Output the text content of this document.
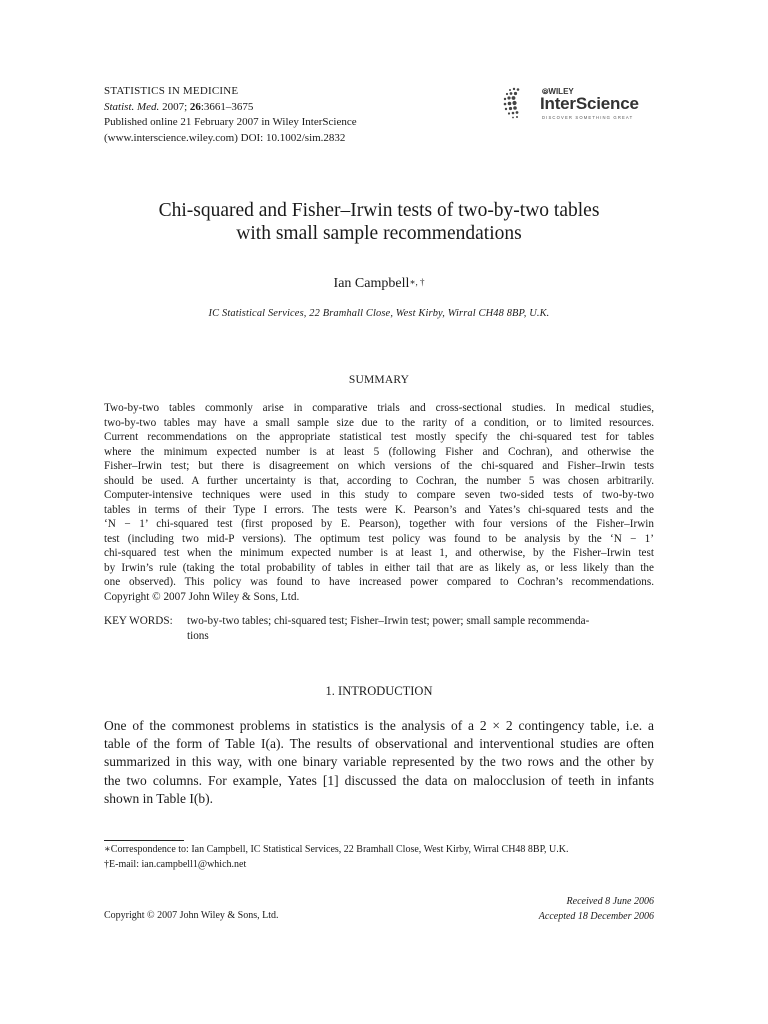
STATISTICS IN MEDICINE
Statist. Med. 2007; 26:3661–3675
Published online 21 February 2007 in Wiley InterScience
(www.interscience.wiley.com) DOI: 10.1002/sim.2832
⦾WILEY
InterScience
DISCOVER SOMETHING GREAT
Chi-squared and Fisher–Irwin tests of two-by-two tables
with small sample recommendations
Ian Campbell∗, †
IC Statistical Services, 22 Bramhall Close, West Kirby, Wirral CH48 8BP, U.K.
SUMMARY
Two-by-two tables commonly arise in comparative trials and cross-sectional studies. In medical studies,
two-by-two tables may have a small sample size due to the rarity of a condition, or to limited resources.
Current recommendations on the appropriate statistical test mostly specify the chi-squared test for tables
where the minimum expected number is at least 5 (following Fisher and Cochran), and otherwise the
Fisher–Irwin test; but there is disagreement on which versions of the chi-squared and Fisher–Irwin tests
should be used. A further uncertainty is that, according to Cochran, the number 5 was chosen arbitrarily.
Computer-intensive techniques were used in this study to compare seven two-sided tests of two-by-two
tables in terms of their Type I errors. The tests were K. Pearson’s and Yates’s chi-squared tests and the
‘N − 1’ chi-squared test (first proposed by E. Pearson), together with four versions of the Fisher–Irwin
test (including two mid-P versions). The optimum test policy was found to be analysis by the ‘N − 1’
chi-squared test when the minimum expected number is at least 1, and otherwise, by the Fisher–Irwin test
by Irwin’s rule (taking the total probability of tables in either tail that are as likely as, or less likely than the
one observed). This policy was found to have increased power compared to Cochran’s recommendations.
Copyright © 2007 John Wiley & Sons, Ltd.
KEY WORDS: two-by-two tables; chi-squared test; Fisher–Irwin test; power; small sample recommenda-
tions
1. INTRODUCTION
One of the commonest problems in statistics is the analysis of a 2 × 2 contingency table, i.e. a
table of the form of Table I(a). The results of observational and interventional studies are often
summarized in this way, with one binary variable represented by the two rows and the other by
the two columns. For example, Yates [1] discussed the data on malocclusion of teeth in infants
shown in Table I(b).
∗Correspondence to: Ian Campbell, IC Statistical Services, 22 Bramhall Close, West Kirby, Wirral CH48 8BP, U.K.
†E-mail: ian.campbell1@which.net
Received 8 June 2006
Accepted 18 December 2006
Copyright © 2007 John Wiley & Sons, Ltd.
